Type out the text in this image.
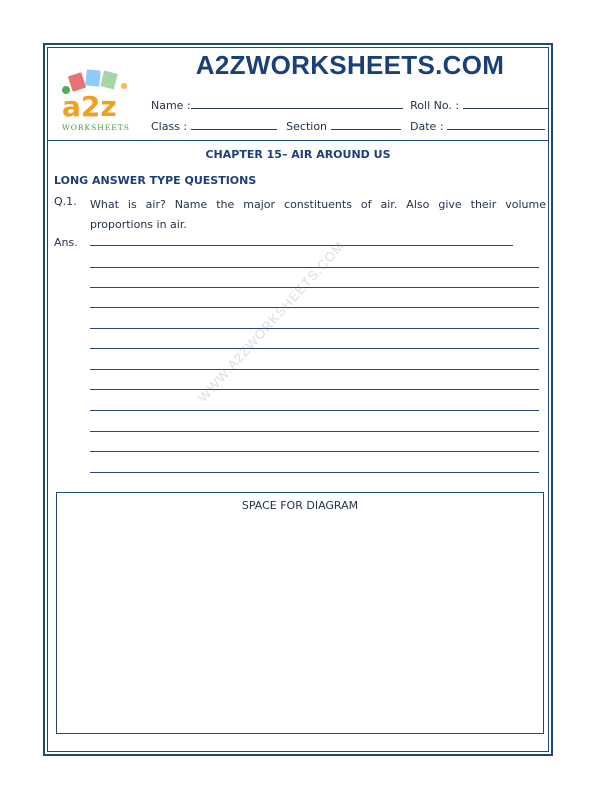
a2z
WORKSHEETS
A2ZWORKSHEETS.COM
Name :	Roll No. :
Class :	Section	Date :
CHAPTER 15– AIR AROUND US
LONG ANSWER TYPE QUESTIONS
Q.1. What is air? Name the major constituents of air. Also give their volume proportions in air.
Ans.
SPACE FOR DIAGRAM
WWW.A2ZWORKSHEETS.COM
